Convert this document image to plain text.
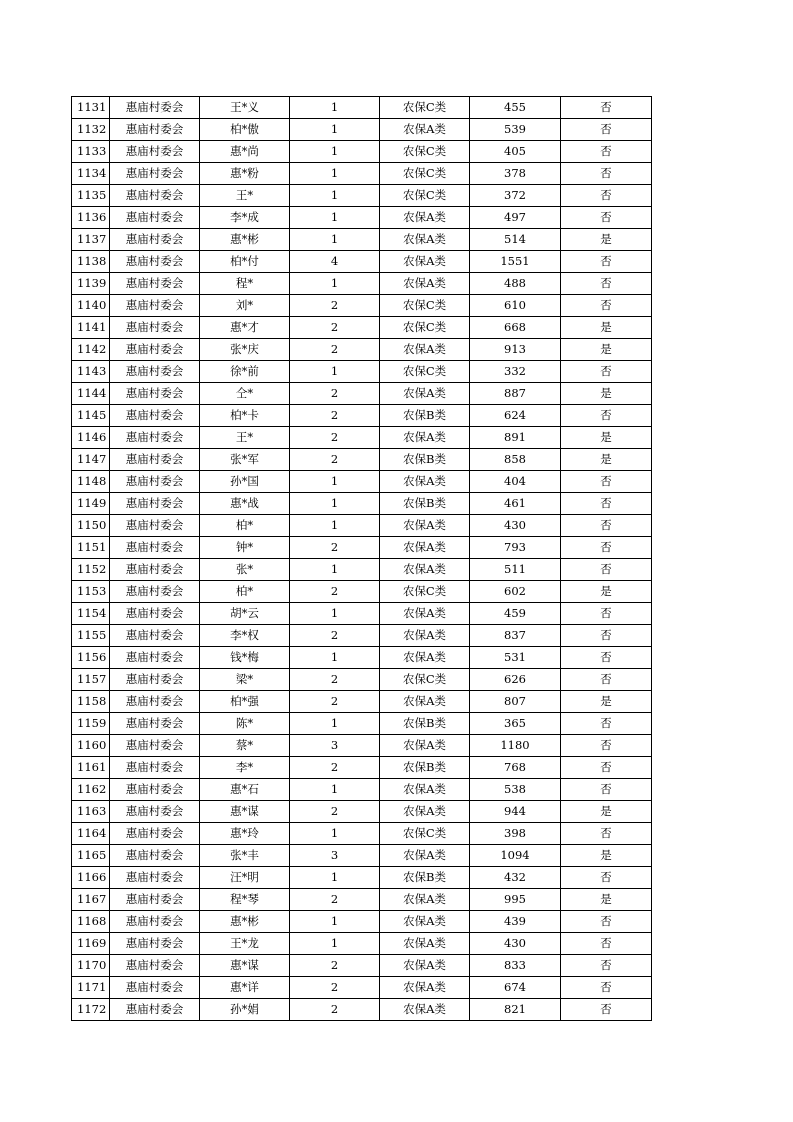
1131	惠庙村委会	王*义	1	农保C类	455	否
1132	惠庙村委会	柏*傲	1	农保A类	539	否
1133	惠庙村委会	惠*尚	1	农保C类	405	否
1134	惠庙村委会	惠*粉	1	农保C类	378	否
1135	惠庙村委会	王*	1	农保C类	372	否
1136	惠庙村委会	李*成	1	农保A类	497	否
1137	惠庙村委会	惠*彬	1	农保A类	514	是
1138	惠庙村委会	柏*付	4	农保A类	1551	否
1139	惠庙村委会	程*	1	农保A类	488	否
1140	惠庙村委会	刘*	2	农保C类	610	否
1141	惠庙村委会	惠*才	2	农保C类	668	是
1142	惠庙村委会	张*庆	2	农保A类	913	是
1143	惠庙村委会	徐*前	1	农保C类	332	否
1144	惠庙村委会	仝*	2	农保A类	887	是
1145	惠庙村委会	柏*卡	2	农保B类	624	否
1146	惠庙村委会	王*	2	农保A类	891	是
1147	惠庙村委会	张*军	2	农保B类	858	是
1148	惠庙村委会	孙*国	1	农保A类	404	否
1149	惠庙村委会	惠*战	1	农保B类	461	否
1150	惠庙村委会	柏*	1	农保A类	430	否
1151	惠庙村委会	钟*	2	农保A类	793	否
1152	惠庙村委会	张*	1	农保A类	511	否
1153	惠庙村委会	柏*	2	农保C类	602	是
1154	惠庙村委会	胡*云	1	农保A类	459	否
1155	惠庙村委会	李*权	2	农保A类	837	否
1156	惠庙村委会	钱*梅	1	农保A类	531	否
1157	惠庙村委会	梁*	2	农保C类	626	否
1158	惠庙村委会	柏*强	2	农保A类	807	是
1159	惠庙村委会	陈*	1	农保B类	365	否
1160	惠庙村委会	蔡*	3	农保A类	1180	否
1161	惠庙村委会	李*	2	农保B类	768	否
1162	惠庙村委会	惠*石	1	农保A类	538	否
1163	惠庙村委会	惠*谋	2	农保A类	944	是
1164	惠庙村委会	惠*玲	1	农保C类	398	否
1165	惠庙村委会	张*丰	3	农保A类	1094	是
1166	惠庙村委会	汪*明	1	农保B类	432	否
1167	惠庙村委会	程*琴	2	农保A类	995	是
1168	惠庙村委会	惠*彬	1	农保A类	439	否
1169	惠庙村委会	王*龙	1	农保A类	430	否
1170	惠庙村委会	惠*谋	2	农保A类	833	否
1171	惠庙村委会	惠*详	2	农保A类	674	否
1172	惠庙村委会	孙*娟	2	农保A类	821	否
